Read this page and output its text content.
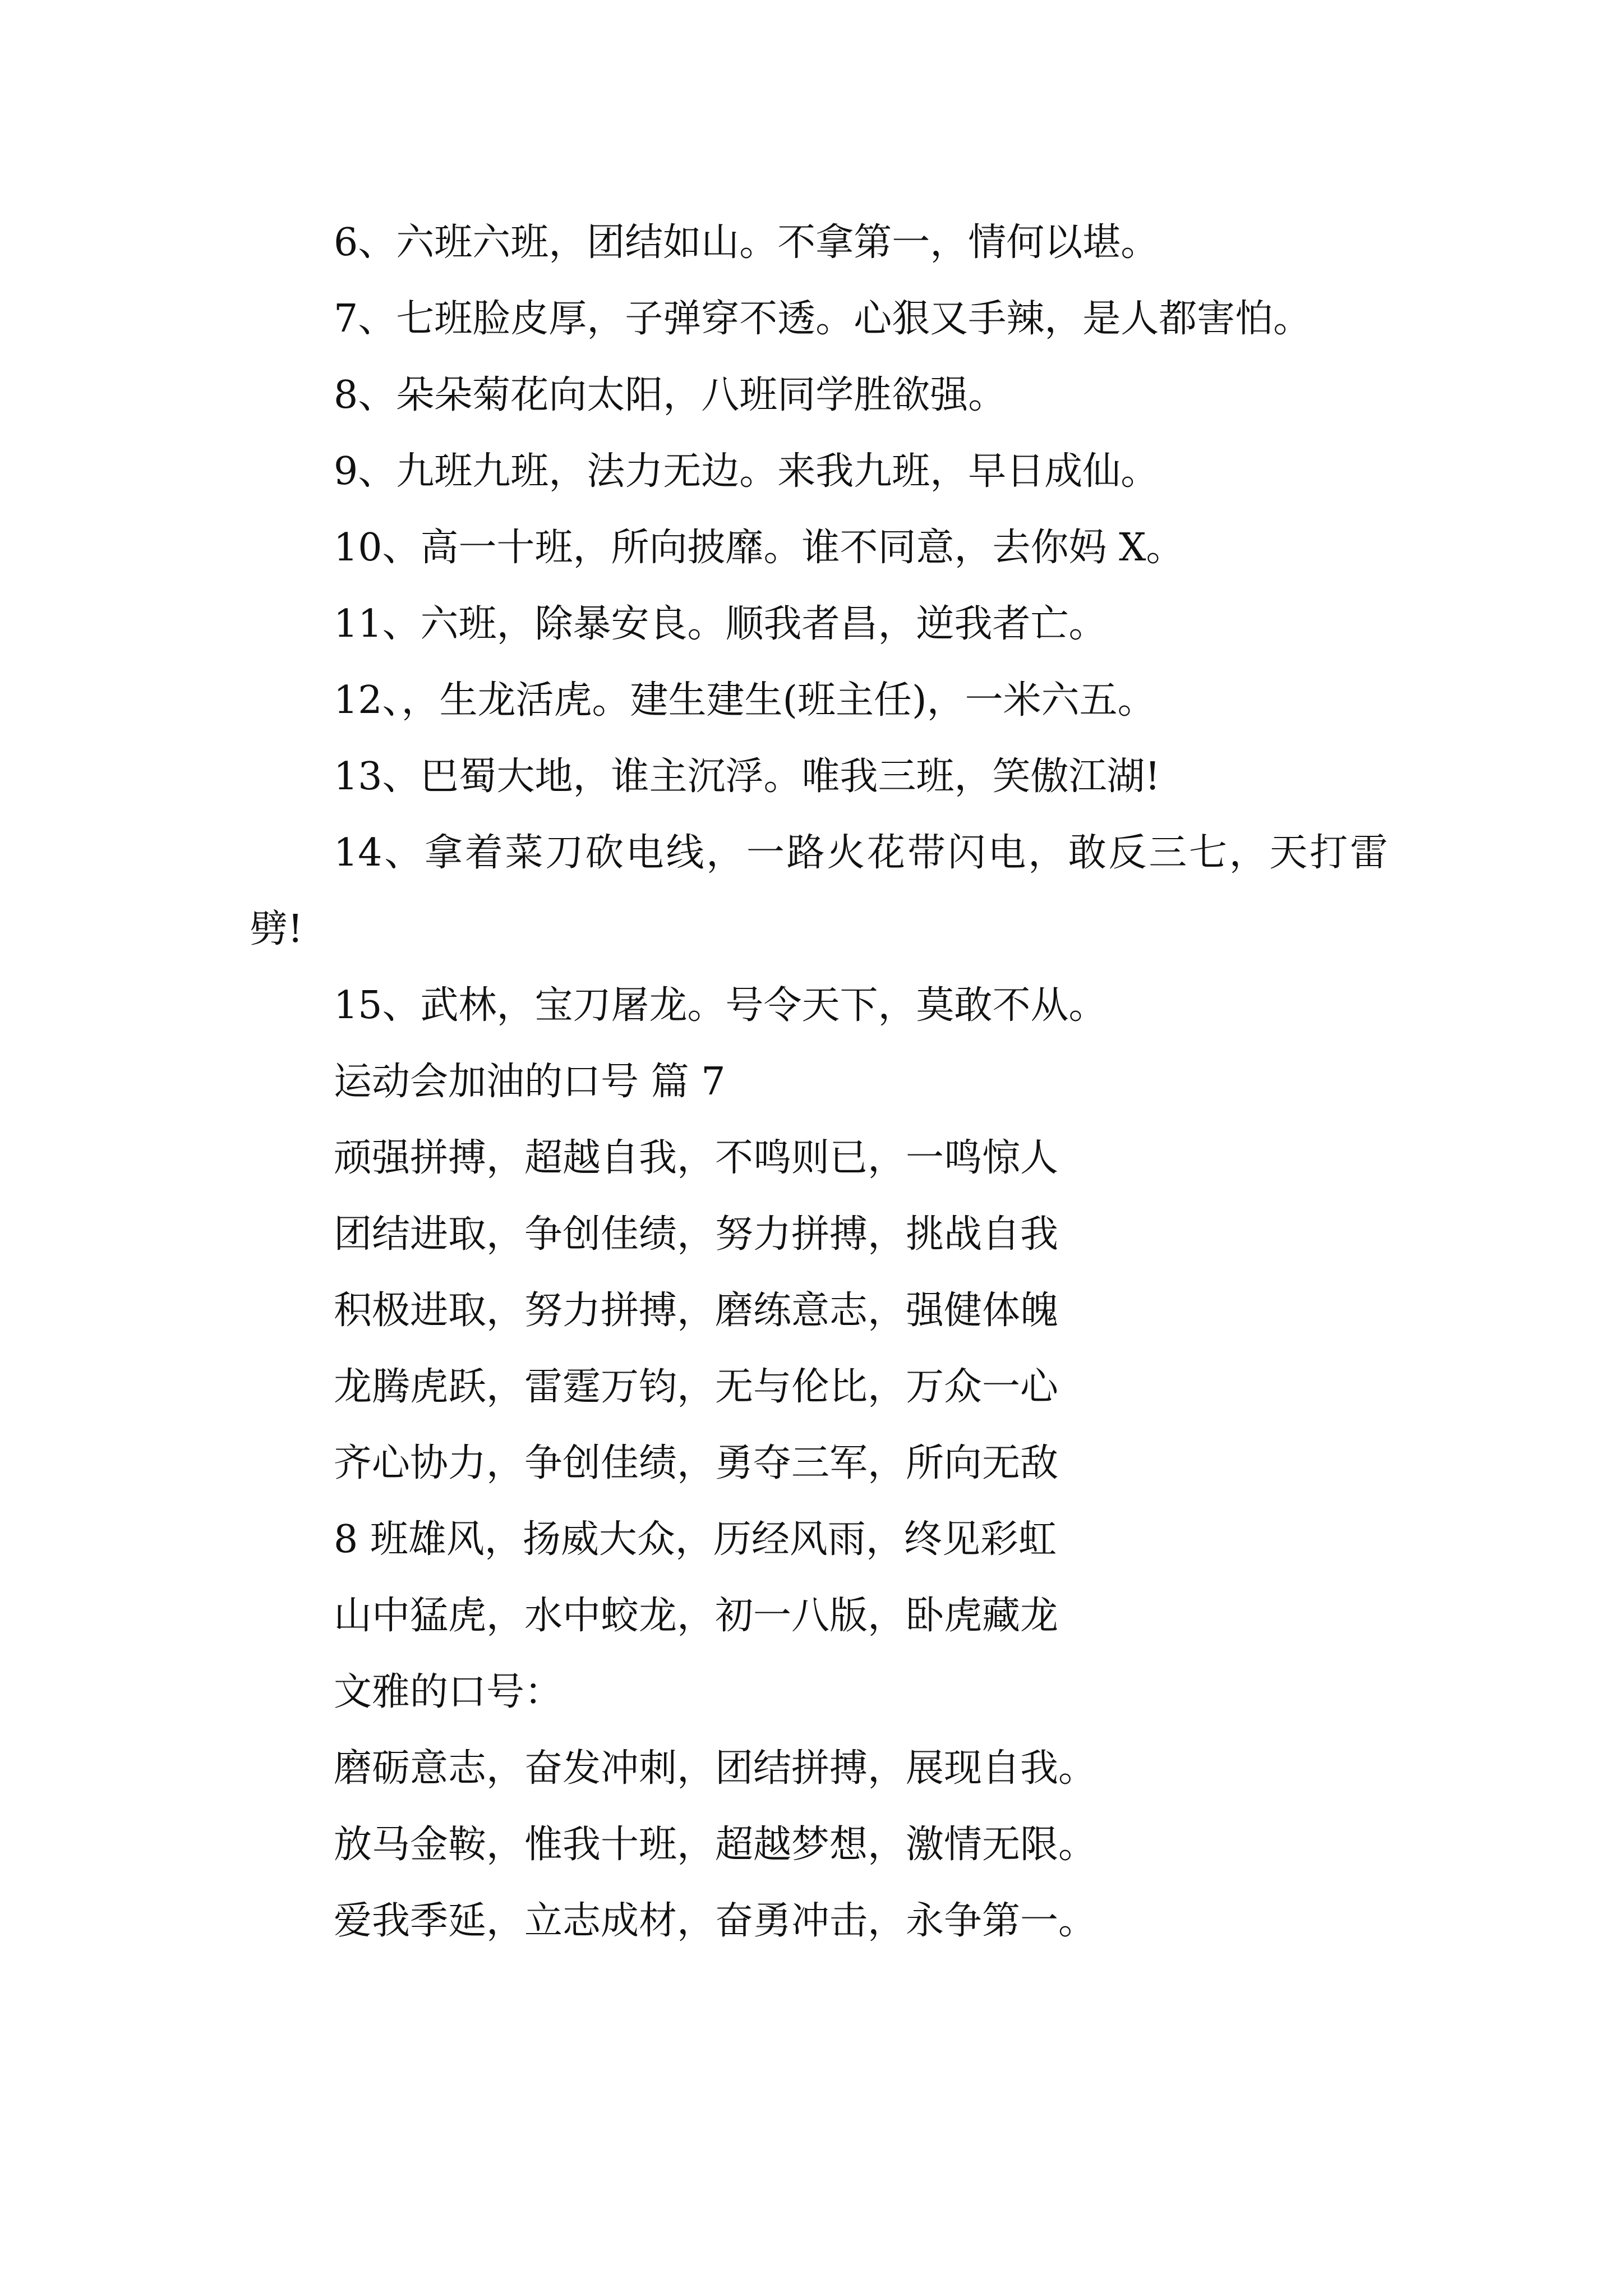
6、六班六班，团结如山。不拿第一，情何以堪。

7、七班脸皮厚，子弹穿不透。心狠又手辣，是人都害怕。

8、朵朵菊花向太阳，八班同学胜欲强。

9、九班九班，法力无边。来我九班，早日成仙。

10、高一十班，所向披靡。谁不同意，去你妈 X。

11、六班，除暴安良。顺我者昌，逆我者亡。

12、，生龙活虎。建生建生(班主任)，一米六五。

13、巴蜀大地，谁主沉浮。唯我三班，笑傲江湖!

14、拿着菜刀砍电线，一路火花带闪电，敢反三七，天打雷劈!

15、武林，宝刀屠龙。号令天下，莫敢不从。

运动会加油的口号 篇 7

顽强拼搏，超越自我，不鸣则已，一鸣惊人

团结进取，争创佳绩，努力拼搏，挑战自我

积极进取，努力拼搏，磨练意志，强健体魄

龙腾虎跃，雷霆万钧，无与伦比，万众一心

齐心协力，争创佳绩，勇夺三军，所向无敌

8 班雄风，扬威大众，历经风雨，终见彩虹

山中猛虎，水中蛟龙，初一八版，卧虎藏龙

文雅的口号：

磨砺意志，奋发冲刺，团结拼搏，展现自我。

放马金鞍，惟我十班，超越梦想，激情无限。

爱我季延，立志成材，奋勇冲击，永争第一。
